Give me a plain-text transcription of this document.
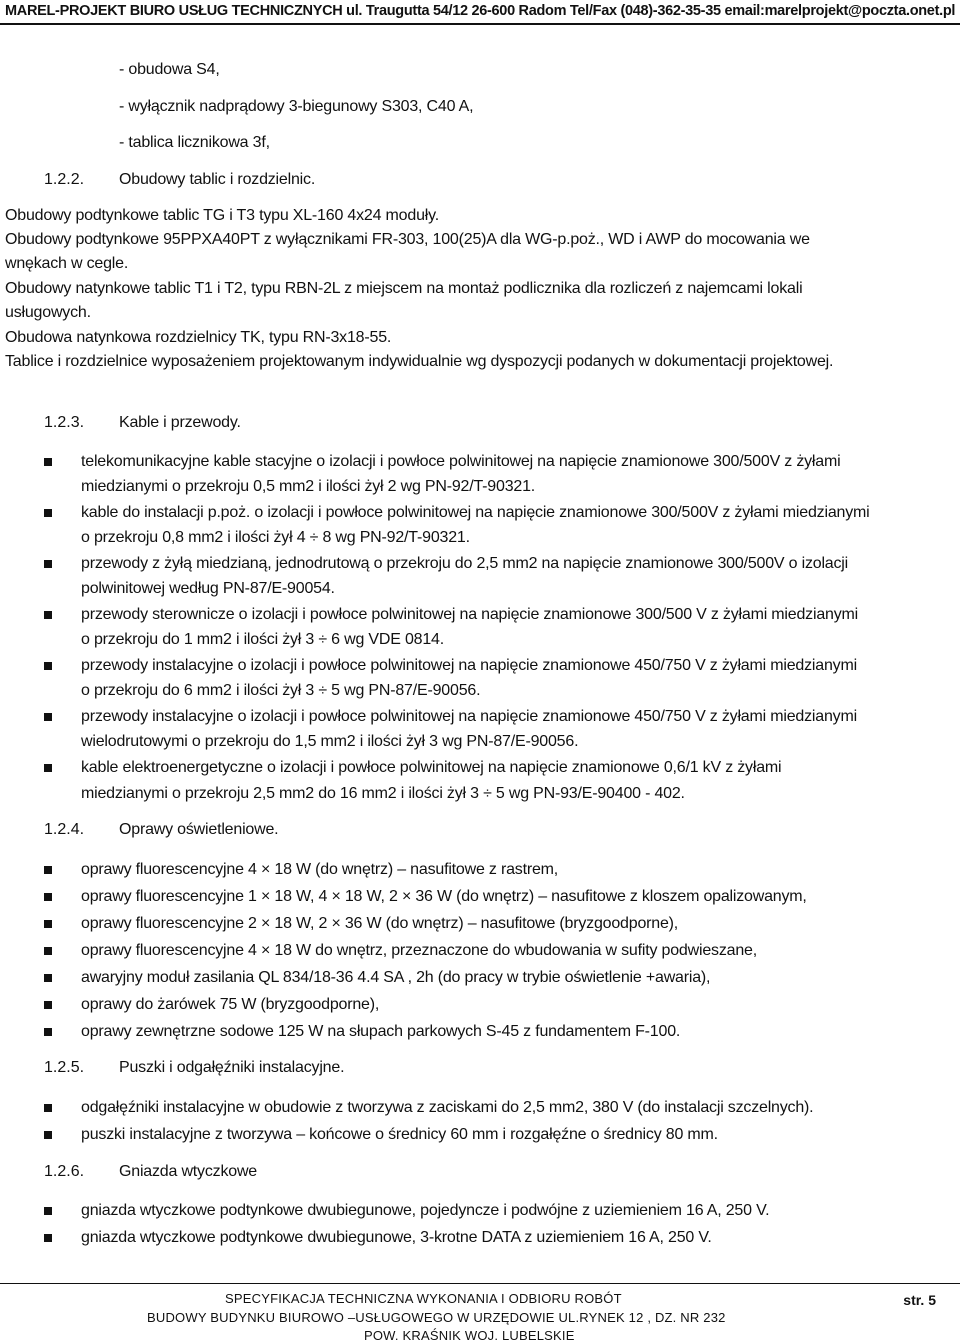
MAREL-PROJEKT BIURO USŁUG TECHNICZNYCH ul. Traugutta 54/12 26-600 Radom Tel/Fax (048)-362-35-35 email:marelprojekt@poczta.onet.pl
- obudowa S4,
- wyłącznik nadprądowy 3-biegunowy S303, C40 A,
- tablica licznikowa 3f,
1.2.2. Obudowy tablic i rozdzielnic.
Obudowy podtynkowe tablic TG i T3 typu XL-160 4x24 moduły.
Obudowy podtynkowe 95PPXA40PT z wyłącznikami FR-303, 100(25)A dla WG-p.poż., WD i AWP do mocowania we
wnękach w cegle.
Obudowy natynkowe tablic T1 i T2, typu RBN-2L z miejscem na montaż podlicznika dla rozliczeń z najemcami lokali
usługowych.
Obudowa natynkowa rozdzielnicy TK, typu RN-3x18-55.
Tablice i rozdzielnice wyposażeniem projektowanym indywidualnie wg dyspozycji podanych w dokumentacji projektowej.
1.2.3. Kable i przewody.
telekomunikacyjne kable stacyjne o izolacji i powłoce polwinitowej na napięcie znamionowe 300/500V z żyłami
miedzianymi o przekroju 0,5 mm2 i ilości żył 2 wg PN-92/T-90321.
kable do instalacji p.poż. o izolacji i powłoce polwinitowej na napięcie znamionowe 300/500V z żyłami miedzianymi
o przekroju 0,8 mm2 i ilości żył 4 ÷ 8 wg PN-92/T-90321.
przewody z żyłą miedzianą, jednodrutową o przekroju do 2,5 mm2 na napięcie znamionowe 300/500V o izolacji
polwinitowej według PN-87/E-90054.
przewody sterownicze o izolacji i powłoce polwinitowej na napięcie znamionowe 300/500 V z żyłami miedzianymi
o przekroju do 1 mm2 i ilości żył 3 ÷ 6 wg VDE 0814.
przewody instalacyjne o izolacji i powłoce polwinitowej na napięcie znamionowe 450/750 V z żyłami miedzianymi
o przekroju do 6 mm2 i ilości żył 3 ÷ 5 wg PN-87/E-90056.
przewody instalacyjne o izolacji i powłoce polwinitowej na napięcie znamionowe 450/750 V z żyłami miedzianymi
wielodrutowymi o przekroju do 1,5 mm2 i ilości żył 3 wg PN-87/E-90056.
kable elektroenergetyczne o izolacji i powłoce polwinitowej na napięcie znamionowe 0,6/1 kV z żyłami
miedzianymi o przekroju 2,5 mm2 do 16 mm2 i ilości żył 3 ÷ 5 wg PN-93/E-90400 - 402.
1.2.4. Oprawy oświetleniowe.
oprawy fluorescencyjne 4 × 18 W (do wnętrz) – nasufitowe z rastrem,
oprawy fluorescencyjne 1 × 18 W, 4 × 18 W, 2 × 36 W (do wnętrz) – nasufitowe z kloszem opalizowanym,
oprawy fluorescencyjne 2 × 18 W, 2 × 36 W (do wnętrz) – nasufitowe (bryzgoodporne),
oprawy fluorescencyjne 4 × 18 W do wnętrz, przeznaczone do wbudowania w sufity podwieszane,
awaryjny moduł zasilania QL 834/18-36 4.4 SA , 2h (do pracy w trybie oświetlenie +awaria),
oprawy do żarówek 75 W (bryzgoodporne),
oprawy zewnętrzne sodowe 125 W na słupach parkowych S-45 z fundamentem F-100.
1.2.5. Puszki i odgałęźniki instalacyjne.
odgałęźniki instalacyjne w obudowie z tworzywa z zaciskami do 2,5 mm2, 380 V (do instalacji szczelnych).
puszki instalacyjne z tworzywa – końcowe o średnicy 60 mm i rozgałęźne o średnicy 80 mm.
1.2.6. Gniazda wtyczkowe
gniazda wtyczkowe podtynkowe dwubiegunowe, pojedyncze i podwójne z uziemieniem 16 A, 250 V.
gniazda wtyczkowe podtynkowe dwubiegunowe, 3-krotne DATA z uziemieniem 16 A, 250 V.
SPECYFIKACJA TECHNICZNA WYKONANIA I ODBIORU ROBÓT
BUDOWY BUDYNKU BIUROWO –USŁUGOWEGO W URZĘDOWIE UL.RYNEK 12 , DZ. NR 232
POW. KRAŚNIK WOJ. LUBELSKIE
str. 5
